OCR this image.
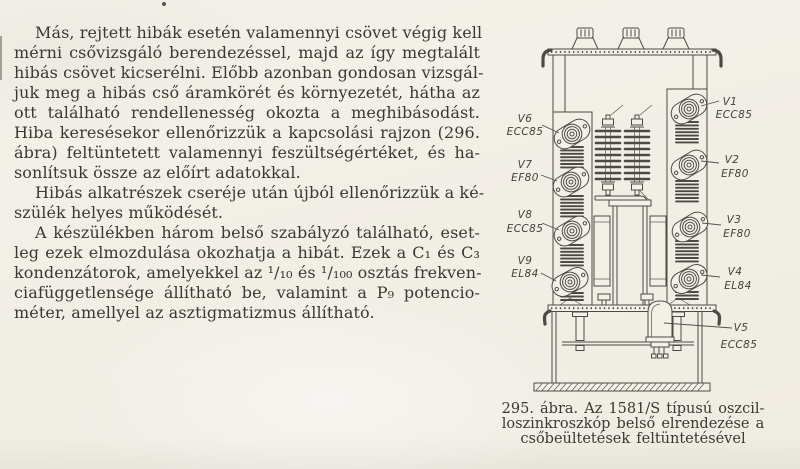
Más, rejtett hibák esetén valamennyi csövet végig kell
mérni csővizsgáló berendezéssel, majd az így megtalált
hibás csövet kicserélni. Előbb azonban gondosan vizsgál-
juk meg a hibás cső áramkörét és környezetét, hátha az
ott található rendellenesség okozta a meghibásodást.
Hiba keresésekor ellenőrizzük a kapcsolási rajzon (296.
ábra) feltüntetett valamennyi feszültségértéket, és ha-
sonlítsuk össze az előírt adatokkal.
Hibás alkatrészek cseréje után újból ellenőrizzük a ké-
szülék helyes működését.
A készülékben három belső szabályzó található, eset-
leg ezek elmozdulása okozhatja a hibát. Ezek a C₁ és C₃
kondenzátorok, amelyekkel az ¹/₁₀ és ¹/₁₀₀ osztás frekven-
ciafüggetlensége állítható be, valamint a P₉ potencio-
méter, amellyel az asztigmatizmus állítható.
V6
ECC85
V7
EF80
V8
ECC85
V9
EL84
V1
ECC85
V2
EF80
V3
EF80
V4
EL84
V5
ECC85
295. ábra. Az 1581/S típusú oszcil-
loszinkroszkóp belső elrendezése a
csőbeültetések feltüntetésével
